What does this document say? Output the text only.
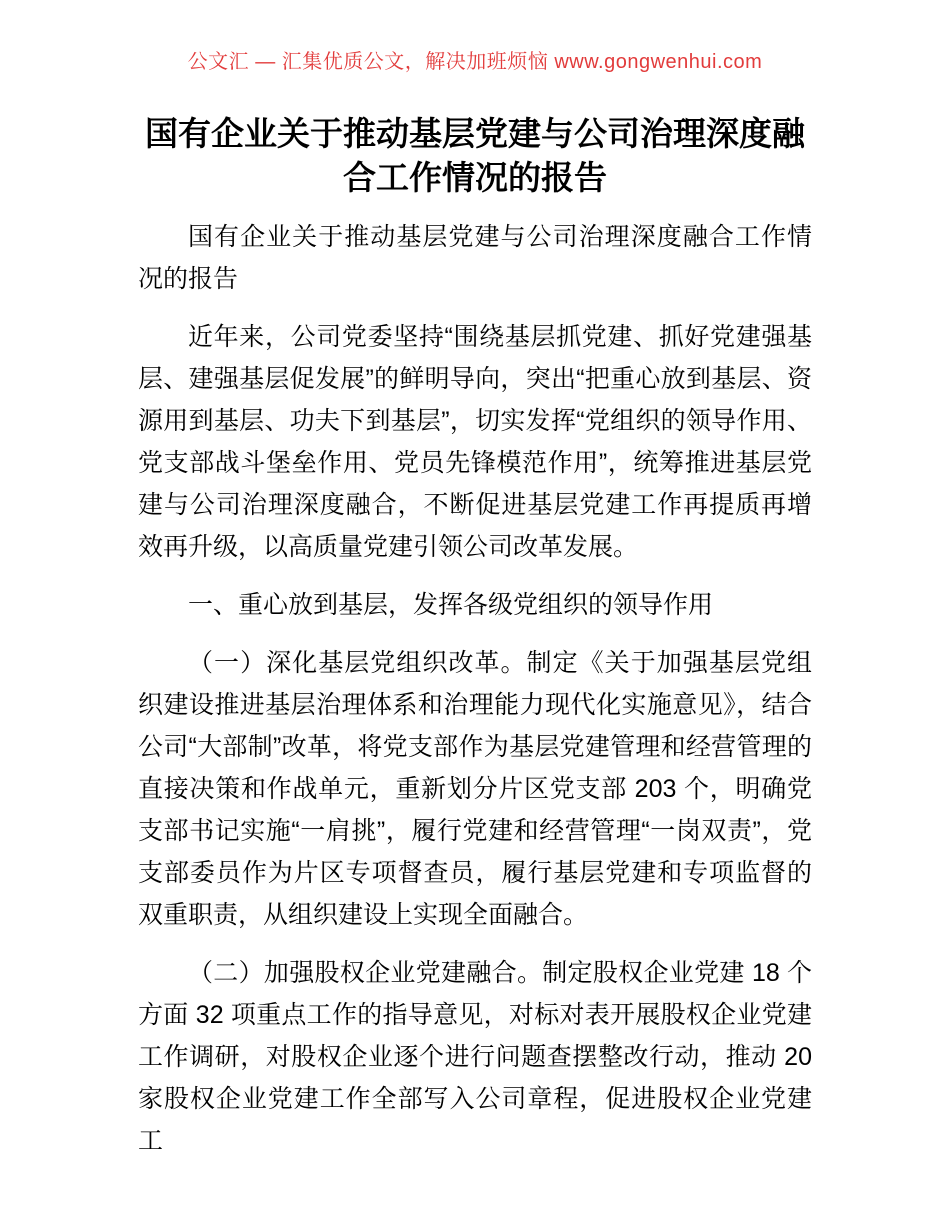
公文汇 — 汇集优质公文，解决加班烦恼 www.gongwenhui.com
国有企业关于推动基层党建与公司治理深度融合工作情况的报告

国有企业关于推动基层党建与公司治理深度融合工作情况的报告

近年来，公司党委坚持“围绕基层抓党建、抓好党建强基层、建强基层促发展”的鲜明导向，突出“把重心放到基层、资源用到基层、功夫下到基层”，切实发挥“党组织的领导作用、党支部战斗堡垒作用、党员先锋模范作用”，统筹推进基层党建与公司治理深度融合，不断促进基层党建工作再提质再增效再升级，以高质量党建引领公司改革发展。

一、重心放到基层，发挥各级党组织的领导作用

（一）深化基层党组织改革。制定《关于加强基层党组织建设推进基层治理体系和治理能力现代化实施意见》，结合公司“大部制”改革，将党支部作为基层党建管理和经营管理的直接决策和作战单元，重新划分片区党支部 203 个，明确党支部书记实施“一肩挑”，履行党建和经营管理“一岗双责”，党支部委员作为片区专项督查员，履行基层党建和专项监督的双重职责，从组织建设上实现全面融合。

（二）加强股权企业党建融合。制定股权企业党建 18 个方面 32 项重点工作的指导意见，对标对表开展股权企业党建工作调研，对股权企业逐个进行问题查摆整改行动，推动 20 家股权企业党建工作全部写入公司章程，促进股权企业党建工
